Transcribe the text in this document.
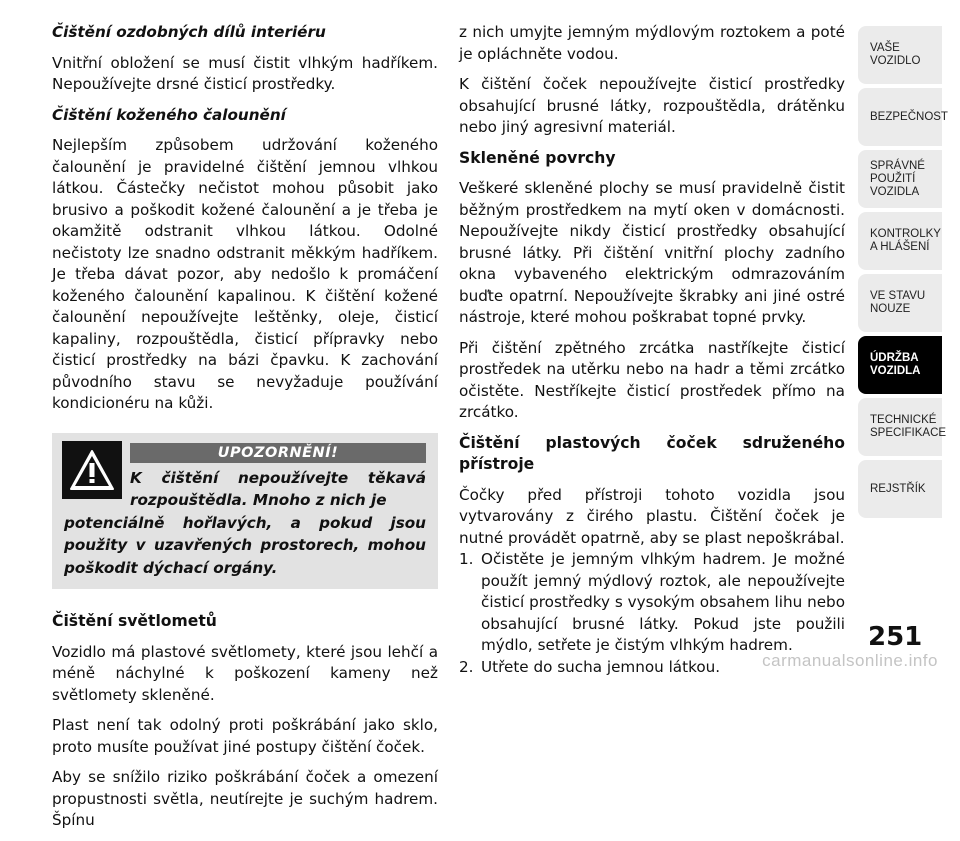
Čištění ozdobných dílů interiéru

Vnitřní obložení se musí čistit vlhkým hadříkem. Nepoužívejte drsné čisticí prostředky.

Čištění koženého čalounění

Nejlepším způsobem udržování koženého čalounění je pravidelné čištění jemnou vlhkou látkou. Částečky nečistot mohou působit jako brusivo a poškodit kožené čalounění a je třeba je okamžitě odstranit vlhkou látkou. Odolné nečistoty lze snadno odstranit měkkým hadříkem. Je třeba dávat pozor, aby nedošlo k promáčení koženého čalounění kapalinou. K čištění kožené čalounění nepoužívejte leštěnky, oleje, čisticí kapaliny, rozpouštědla, čisticí přípravky nebo čisticí prostředky na bázi čpavku. K zachování původního stavu se nevyžaduje používání kondicionéru na kůži.

UPOZORNĚNÍ!
K čištění nepoužívejte těkavá rozpouštědla. Mnoho z nich je
potenciálně hořlavých, a pokud jsou použity v uzavřených prostorech, mohou poškodit dýchací orgány.

Čištění světlometů

Vozidlo má plastové světlomety, které jsou lehčí a méně náchylné k poškození kameny než světlomety skleněné.

Plast není tak odolný proti poškrábání jako sklo, proto musíte používat jiné postupy čištění čoček.

Aby se snížilo riziko poškrábání čoček a omezení propustnosti světla, neutírejte je suchým hadrem. Špínu

z nich umyjte jemným mýdlovým roztokem a poté je opláchněte vodou.

K čištění čoček nepoužívejte čisticí prostředky obsahující brusné látky, rozpouštědla, drátěnku nebo jiný agresivní materiál.

Skleněné povrchy

Veškeré skleněné plochy se musí pravidelně čistit běžným prostředkem na mytí oken v domácnosti. Nepoužívejte nikdy čisticí prostředky obsahující brusné látky. Při čištění vnitřní plochy zadního okna vybaveného elektrickým odmrazováním buďte opatrní. Nepoužívejte škrabky ani jiné ostré nástroje, které mohou poškrabat topné prvky.

Při čištění zpětného zrcátka nastříkejte čisticí prostředek na utěrku nebo na hadr a těmi zrcátko očistěte. Nestříkejte čisticí prostředek přímo na zrcátko.

Čištění plastových čoček sdruženého přístroje

Čočky před přístroji tohoto vozidla jsou vytvarovány z čirého plastu. Čištění čoček je nutné provádět opatrně, aby se plast nepoškrábal.

1. Očistěte je jemným vlhkým hadrem. Je možné použít jemný mýdlový roztok, ale nepoužívejte čisticí prostředky s vysokým obsahem lihu nebo obsahující brusné látky. Pokud jste použili mýdlo, setřete je čistým vlhkým hadrem.
2. Utřete do sucha jemnou látkou.
VAŠE
VOZIDLO
BEZPEČNOST
SPRÁVNÉ
POUŽITÍ
VOZIDLA
KONTROLKY
A HLÁŠENÍ
VE STAVU
NOUZE
ÚDRŽBA
VOZIDLA
TECHNICKÉ
SPECIFIKACE
REJSTŘÍK
251
carmanualsonline.info
